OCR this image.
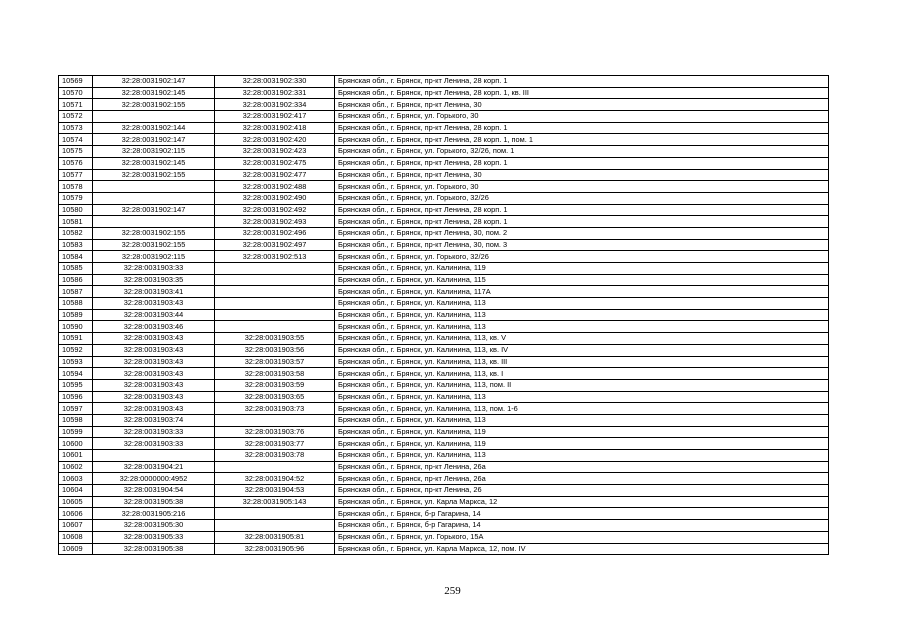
10569	32:28:0031902:147	32:28:0031902:330	Брянская обл., г. Брянск, пр-кт Ленина, 28 корп. 1
10570	32:28:0031902:145	32:28:0031902:331	Брянская обл., г. Брянск, пр-кт Ленина, 28 корп. 1, кв. III
10571	32:28:0031902:155	32:28:0031902:334	Брянская обл., г. Брянск, пр-кт Ленина, 30
10572		32:28:0031902:417	Брянская обл., г. Брянск, ул. Горького, 30
10573	32:28:0031902:144	32:28:0031902:418	Брянская обл., г. Брянск, пр-кт Ленина, 28 корп. 1
10574	32:28:0031902:147	32:28:0031902:420	Брянская обл., г. Брянск, пр-кт Ленина, 28 корп. 1, пом. 1
10575	32:28:0031902:115	32:28:0031902:423	Брянская обл., г. Брянск, ул. Горького, 32/26, пом. 1
10576	32:28:0031902:145	32:28:0031902:475	Брянская обл., г. Брянск, пр-кт Ленина, 28 корп. 1
10577	32:28:0031902:155	32:28:0031902:477	Брянская обл., г. Брянск, пр-кт Ленина, 30
10578		32:28:0031902:488	Брянская обл., г. Брянск, ул. Горького, 30
10579		32:28:0031902:490	Брянская обл., г. Брянск, ул. Горького, 32/26
10580	32:28:0031902:147	32:28:0031902:492	Брянская обл., г. Брянск, пр-кт Ленина, 28 корп. 1
10581		32:28:0031902:493	Брянская обл., г. Брянск, пр-кт Ленина, 28 корп. 1
10582	32:28:0031902:155	32:28:0031902:496	Брянская обл., г. Брянск, пр-кт Ленина, 30, пом. 2
10583	32:28:0031902:155	32:28:0031902:497	Брянская обл., г. Брянск, пр-кт Ленина, 30, пом. 3
10584	32:28:0031902:115	32:28:0031902:513	Брянская обл., г. Брянск, ул. Горького, 32/26
10585	32:28:0031903:33		Брянская обл., г. Брянск, ул. Калинина, 119
10586	32:28:0031903:35		Брянская обл., г. Брянск, ул. Калинина, 115
10587	32:28:0031903:41		Брянская обл., г. Брянск, ул. Калинина, 117А
10588	32:28:0031903:43		Брянская обл., г. Брянск, ул. Калинина, 113
10589	32:28:0031903:44		Брянская обл., г. Брянск, ул. Калинина, 113
10590	32:28:0031903:46		Брянская обл., г. Брянск, ул. Калинина, 113
10591	32:28:0031903:43	32:28:0031903:55	Брянская обл., г. Брянск, ул. Калинина, 113, кв. V
10592	32:28:0031903:43	32:28:0031903:56	Брянская обл., г. Брянск, ул. Калинина, 113, кв. IV
10593	32:28:0031903:43	32:28:0031903:57	Брянская обл., г. Брянск, ул. Калинина, 113, кв. III
10594	32:28:0031903:43	32:28:0031903:58	Брянская обл., г. Брянск, ул. Калинина, 113, кв. I
10595	32:28:0031903:43	32:28:0031903:59	Брянская обл., г. Брянск, ул. Калинина, 113, пом. II
10596	32:28:0031903:43	32:28:0031903:65	Брянская обл., г. Брянск, ул. Калинина, 113
10597	32:28:0031903:43	32:28:0031903:73	Брянская обл., г. Брянск, ул. Калинина, 113, пом. 1-6
10598	32:28:0031903:74		Брянская обл., г. Брянск, ул. Калинина, 113
10599	32:28:0031903:33	32:28:0031903:76	Брянская обл., г. Брянск, ул. Калинина, 119
10600	32:28:0031903:33	32:28:0031903:77	Брянская обл., г. Брянск, ул. Калинина, 119
10601		32:28:0031903:78	Брянская обл., г. Брянск, ул. Калинина, 113
10602	32:28:0031904:21		Брянская обл., г. Брянск, пр-кт Ленина, 26а
10603	32:28:0000000:4952	32:28:0031904:52	Брянская обл., г. Брянск, пр-кт Ленина, 26а
10604	32:28:0031904:54	32:28:0031904:53	Брянская обл., г. Брянск, пр-кт Ленина, 26
10605	32:28:0031905:38	32:28:0031905:143	Брянская обл., г. Брянск, ул. Карла Маркса, 12
10606	32:28:0031905:216		Брянская обл., г. Брянск, б-р Гагарина, 14
10607	32:28:0031905:30		Брянская обл., г. Брянск, б-р Гагарина, 14
10608	32:28:0031905:33	32:28:0031905:81	Брянская обл., г. Брянск, ул. Горького, 15А
10609	32:28:0031905:38	32:28:0031905:96	Брянская обл., г. Брянск, ул. Карла Маркса, 12, пом. IV
259
